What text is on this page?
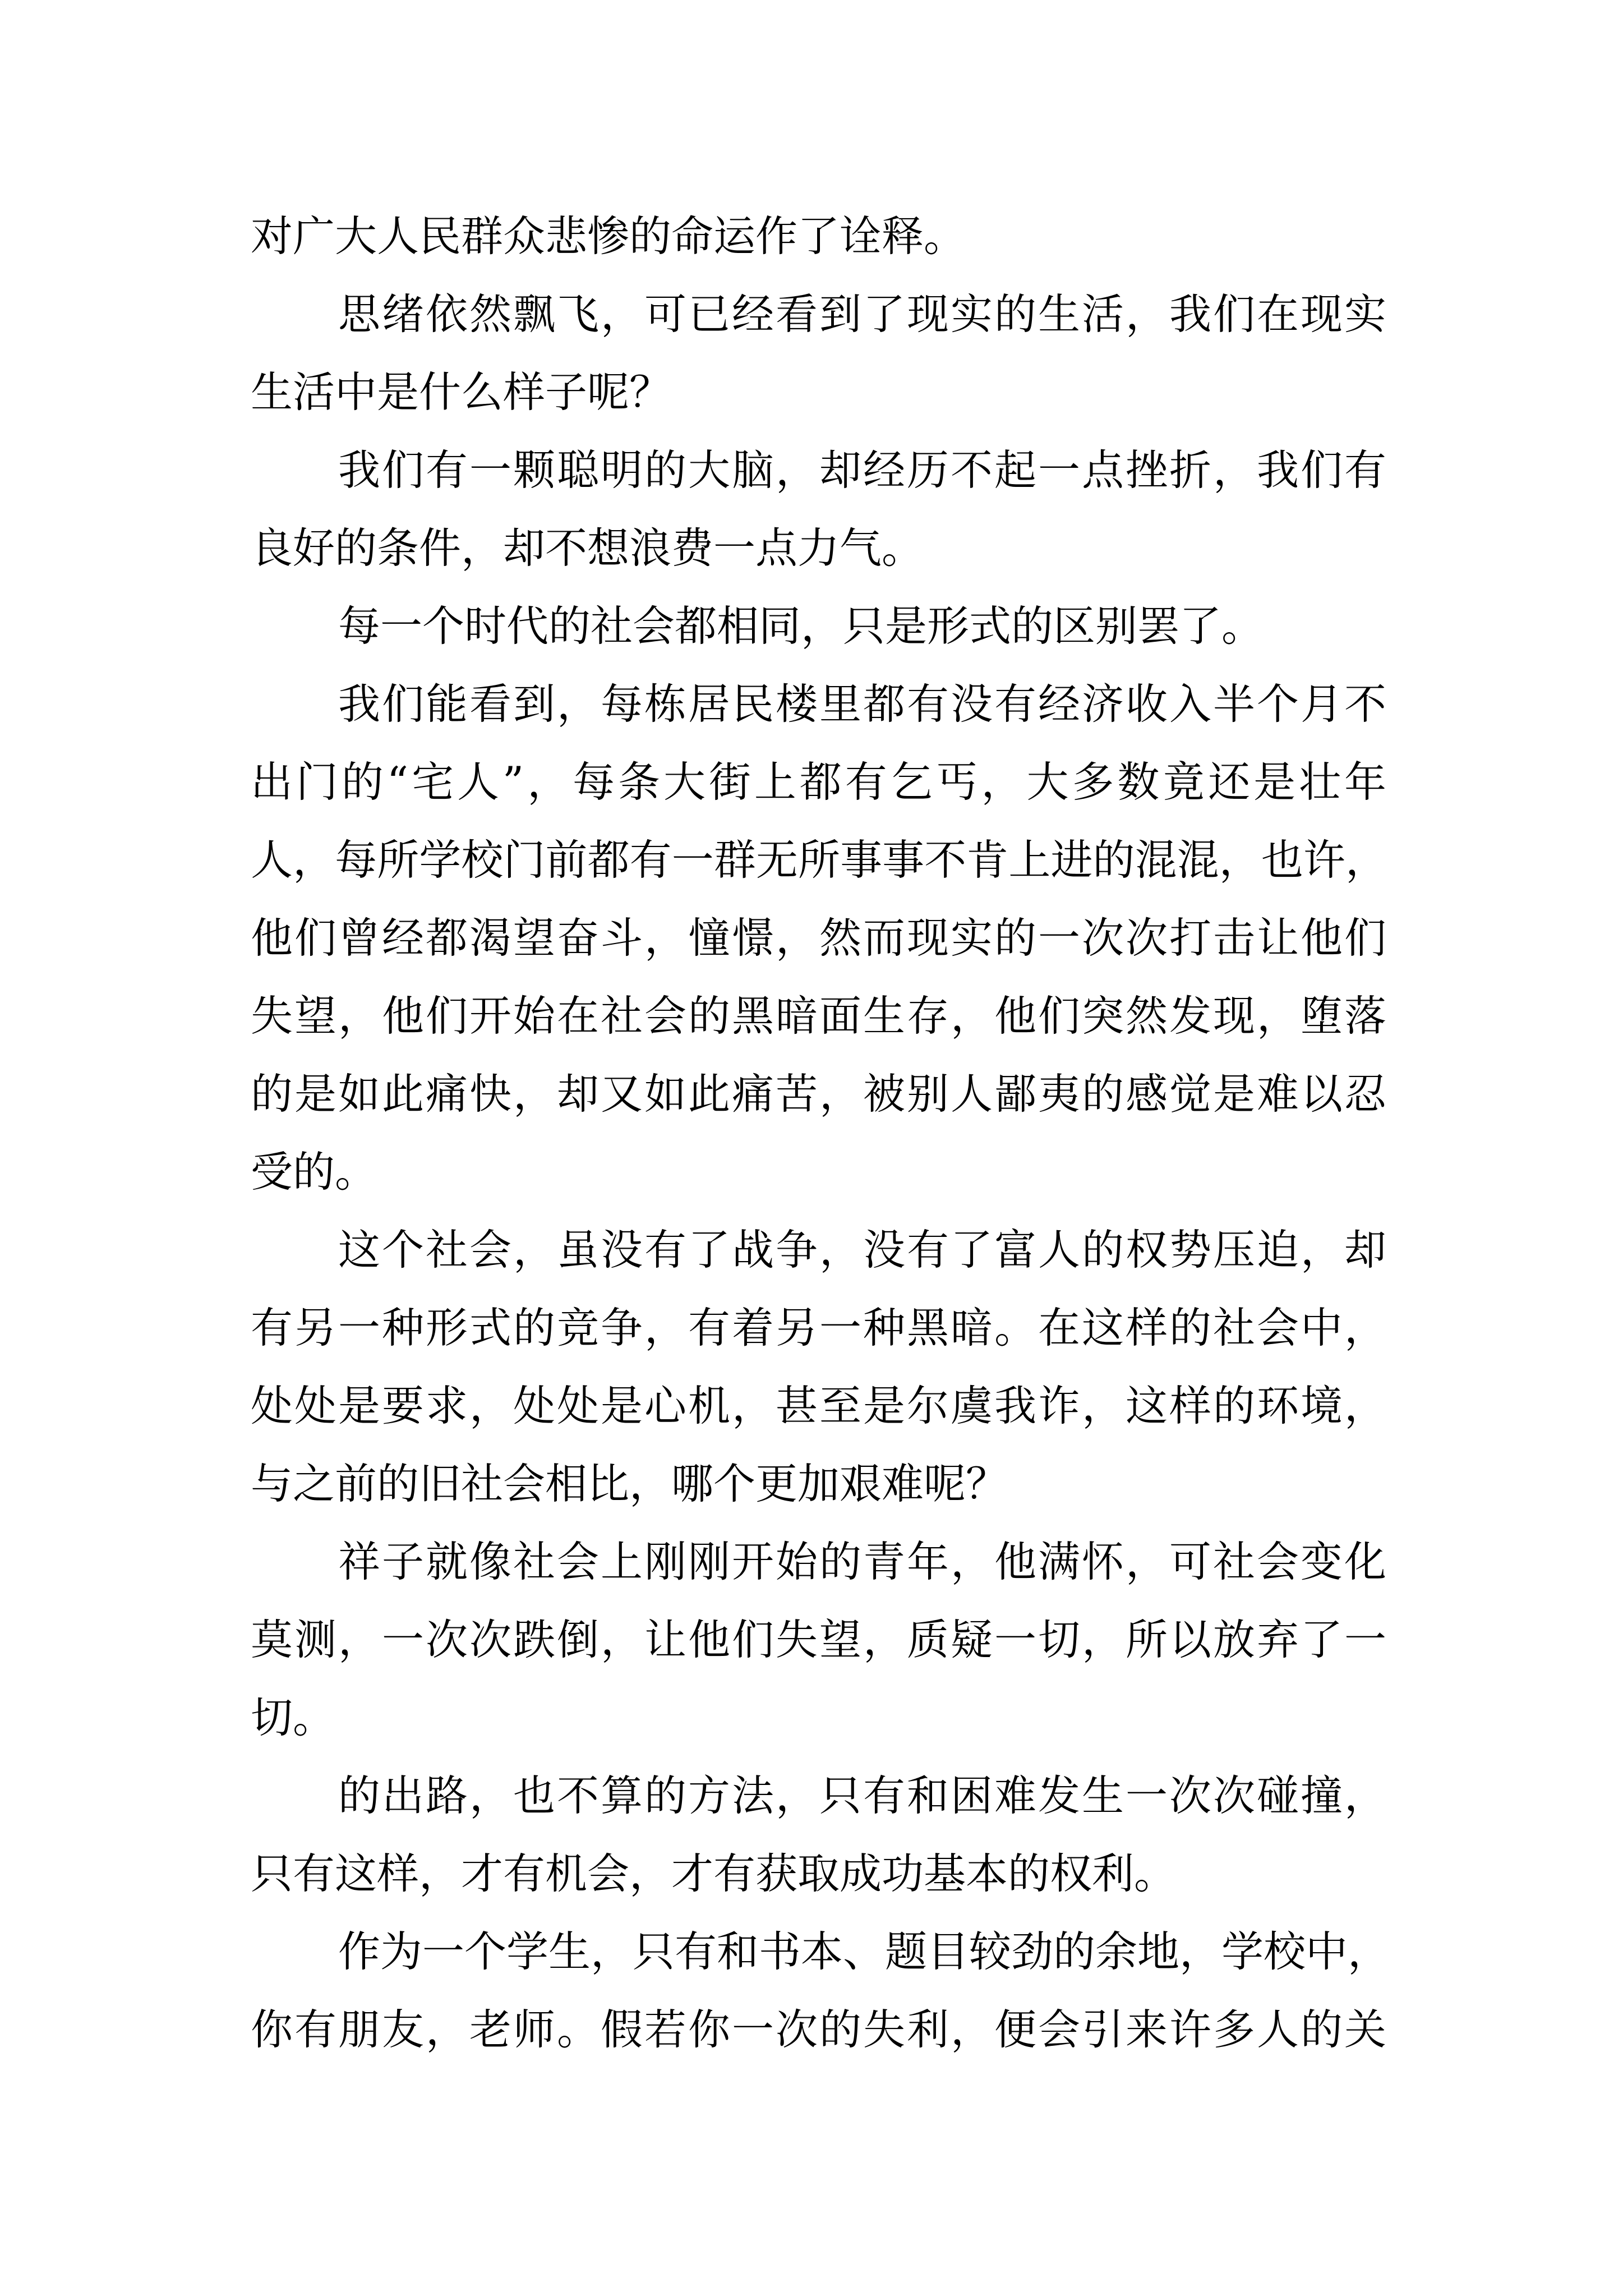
对广大人民群众悲惨的命运作了诠释。
思绪依然飘飞，可已经看到了现实的生活，我们在现实
生活中是什么样子呢？
我们有一颗聪明的大脑，却经历不起一点挫折，我们有
良好的条件，却不想浪费一点力气。
每一个时代的社会都相同，只是形式的区别罢了。
我们能看到，每栋居民楼里都有没有经济收入半个月不
出门的“宅人”，每条大街上都有乞丐，大多数竟还是壮年
人，每所学校门前都有一群无所事事不肯上进的混混，也许，
他们曾经都渴望奋斗，憧憬，然而现实的一次次打击让他们
失望，他们开始在社会的黑暗面生存，他们突然发现，堕落
的是如此痛快，却又如此痛苦，被别人鄙夷的感觉是难以忍
受的。
这个社会，虽没有了战争，没有了富人的权势压迫，却
有另一种形式的竞争，有着另一种黑暗。在这样的社会中，
处处是要求，处处是心机，甚至是尔虞我诈，这样的环境，
与之前的旧社会相比，哪个更加艰难呢？
祥子就像社会上刚刚开始的青年，他满怀，可社会变化
莫测，一次次跌倒，让他们失望，质疑一切，所以放弃了一
切。
的出路，也不算的方法，只有和困难发生一次次碰撞，
只有这样，才有机会，才有获取成功基本的权利。
作为一个学生，只有和书本、题目较劲的余地，学校中，
你有朋友，老师。假若你一次的失利，便会引来许多人的关
